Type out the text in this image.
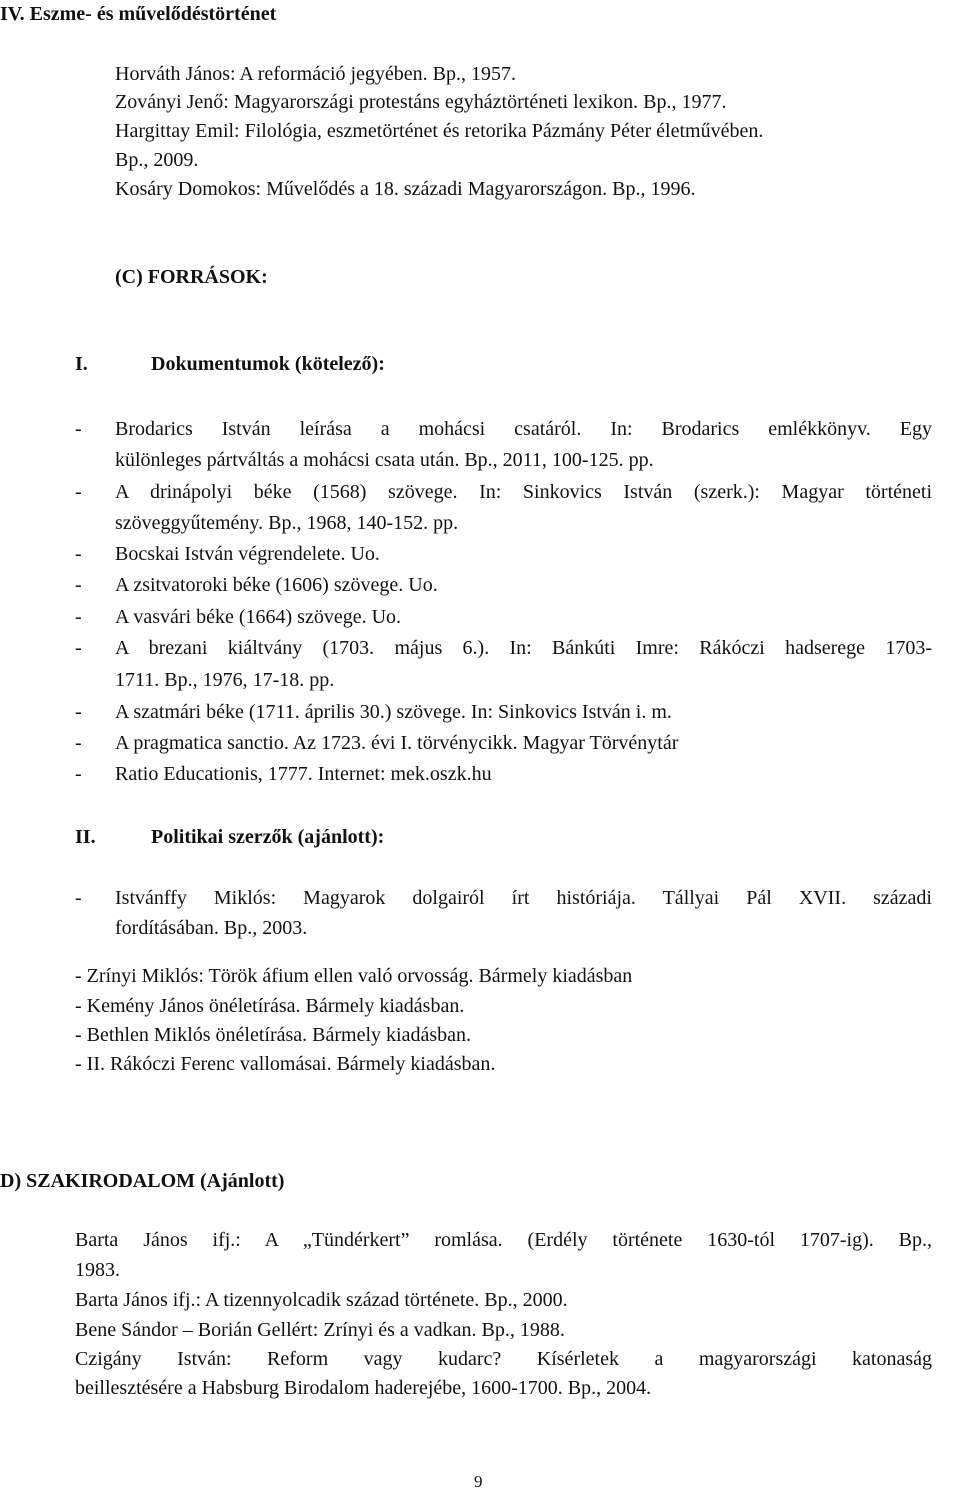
IV. Eszme- és művelődéstörténet

Horváth János: A reformáció jegyében. Bp., 1957.

Zoványi Jenő: Magyarországi protestáns egyháztörténeti lexikon. Bp., 1977.

Hargittay Emil: Filológia, eszmetörténet és retorika Pázmány Péter életművében.

Bp., 2009.

Kosáry Domokos: Művelődés a 18. századi Magyarországon. Bp., 1996.

(C) FORRÁSOK:

I.	Dokumentumok (kötelező):

- Brodarics István leírása a mohácsi csatáról. In: Brodarics emlékkönyv. Egy

különleges pártváltás a mohácsi csata után. Bp., 2011, 100-125. pp.

- A drinápolyi béke (1568) szövege. In: Sinkovics István (szerk.): Magyar történeti

szöveggyűtemény. Bp., 1968, 140-152. pp.

- Bocskai István végrendelete. Uo.

- A zsitvatoroki béke (1606) szövege. Uo.

- A vasvári béke (1664) szövege. Uo.

- A brezani kiáltvány (1703. május 6.). In: Bánkúti Imre: Rákóczi hadserege 1703-

1711. Bp., 1976, 17-18. pp.

- A szatmári béke (1711. április 30.) szövege. In: Sinkovics István i. m.

- A pragmatica sanctio. Az 1723. évi I. törvénycikk. Magyar Törvénytár

- Ratio Educationis, 1777. Internet: mek.oszk.hu

II.	Politikai szerzők (ajánlott):

- Istvánffy Miklós: Magyarok dolgairól írt históriája. Tállyai Pál XVII. századi

fordításában. Bp., 2003.

- Zrínyi Miklós: Török áfium ellen való orvosság. Bármely kiadásban

- Kemény János önéletírása. Bármely kiadásban.

- Bethlen Miklós önéletírása. Bármely kiadásban.

- II. Rákóczi Ferenc vallomásai. Bármely kiadásban.

D) SZAKIRODALOM (Ajánlott)

Barta János ifj.: A „Tündérkert” romlása. (Erdély története 1630-tól 1707-ig). Bp.,

1983.

Barta János ifj.: A tizennyolcadik század története. Bp., 2000.

Bene Sándor – Borián Gellért: Zrínyi és a vadkan. Bp., 1988.

Czigány István: Reform vagy kudarc? Kísérletek a magyarországi katonaság

beillesztésére a Habsburg Birodalom haderejébe, 1600-1700. Bp., 2004.

9
